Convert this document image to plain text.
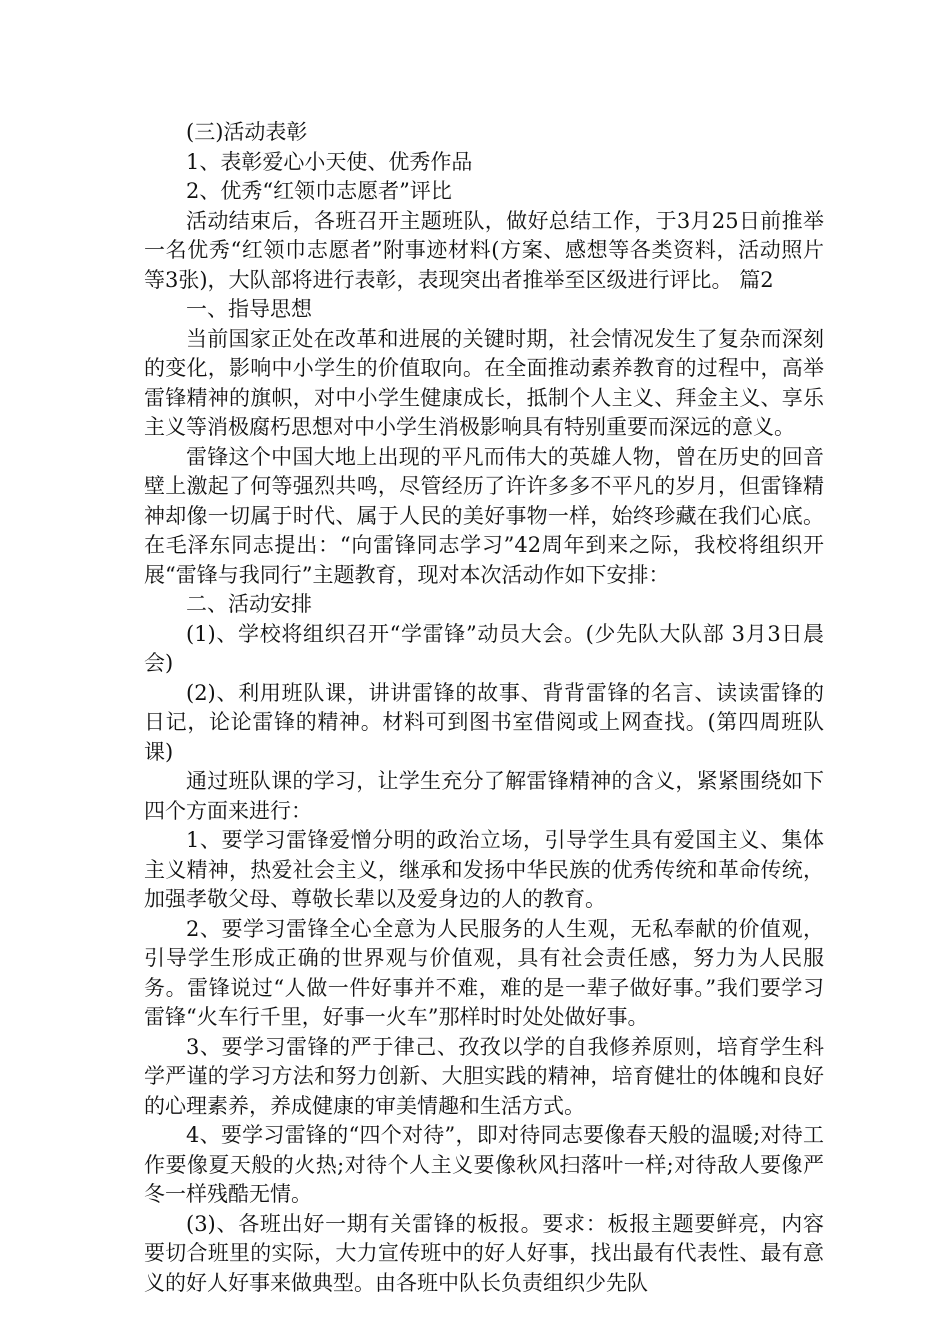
(三)活动表彰

1、表彰爱心小天使、优秀作品

2、优秀“红领巾志愿者”评比

活动结束后，各班召开主题班队，做好总结工作，于3月25日前推举一名优秀“红领巾志愿者”附事迹材料(方案、感想等各类资料，活动照片等3张)，大队部将进行表彰，表现突出者推举至区级进行评比。 篇2

一、指导思想

当前国家正处在改革和进展的关键时期，社会情况发生了复杂而深刻的变化，影响中小学生的价值取向。在全面推动素养教育的过程中，高举雷锋精神的旗帜，对中小学生健康成长，抵制个人主义、拜金主义、享乐主义等消极腐朽思想对中小学生消极影响具有特别重要而深远的意义。

雷锋这个中国大地上出现的平凡而伟大的英雄人物，曾在历史的回音壁上激起了何等强烈共鸣，尽管经历了许许多多不平凡的岁月，但雷锋精神却像一切属于时代、属于人民的美好事物一样，始终珍藏在我们心底。在毛泽东同志提出：“向雷锋同志学习”42周年到来之际，我校将组织开展“雷锋与我同行”主题教育，现对本次活动作如下安排：

二、活动安排

(1)、学校将组织召开“学雷锋”动员大会。(少先队大队部 3月3日晨会)

(2)、利用班队课，讲讲雷锋的故事、背背雷锋的名言、读读雷锋的日记，论论雷锋的精神。材料可到图书室借阅或上网查找。(第四周班队课)

通过班队课的学习，让学生充分了解雷锋精神的含义，紧紧围绕如下四个方面来进行：

1、要学习雷锋爱憎分明的政治立场，引导学生具有爱国主义、集体主义精神，热爱社会主义，继承和发扬中华民族的优秀传统和革命传统，加强孝敬父母、尊敬长辈以及爱身边的人的教育。

2、要学习雷锋全心全意为人民服务的人生观，无私奉献的价值观，引导学生形成正确的世界观与价值观，具有社会责任感，努力为人民服务。雷锋说过“人做一件好事并不难，难的是一辈子做好事。”我们要学习雷锋“火车行千里，好事一火车”那样时时处处做好事。

3、要学习雷锋的严于律己、孜孜以学的自我修养原则，培育学生科学严谨的学习方法和努力创新、大胆实践的精神，培育健壮的体魄和良好的心理素养，养成健康的审美情趣和生活方式。

4、要学习雷锋的“四个对待”，即对待同志要像春天般的温暖;对待工作要像夏天般的火热;对待个人主义要像秋风扫落叶一样;对待敌人要像严冬一样残酷无情。

(3)、各班出好一期有关雷锋的板报。要求：板报主题要鲜亮，内容要切合班里的实际，大力宣传班中的好人好事，找出最有代表性、最有意义的好人好事来做典型。由各班中队长负责组织少先队
